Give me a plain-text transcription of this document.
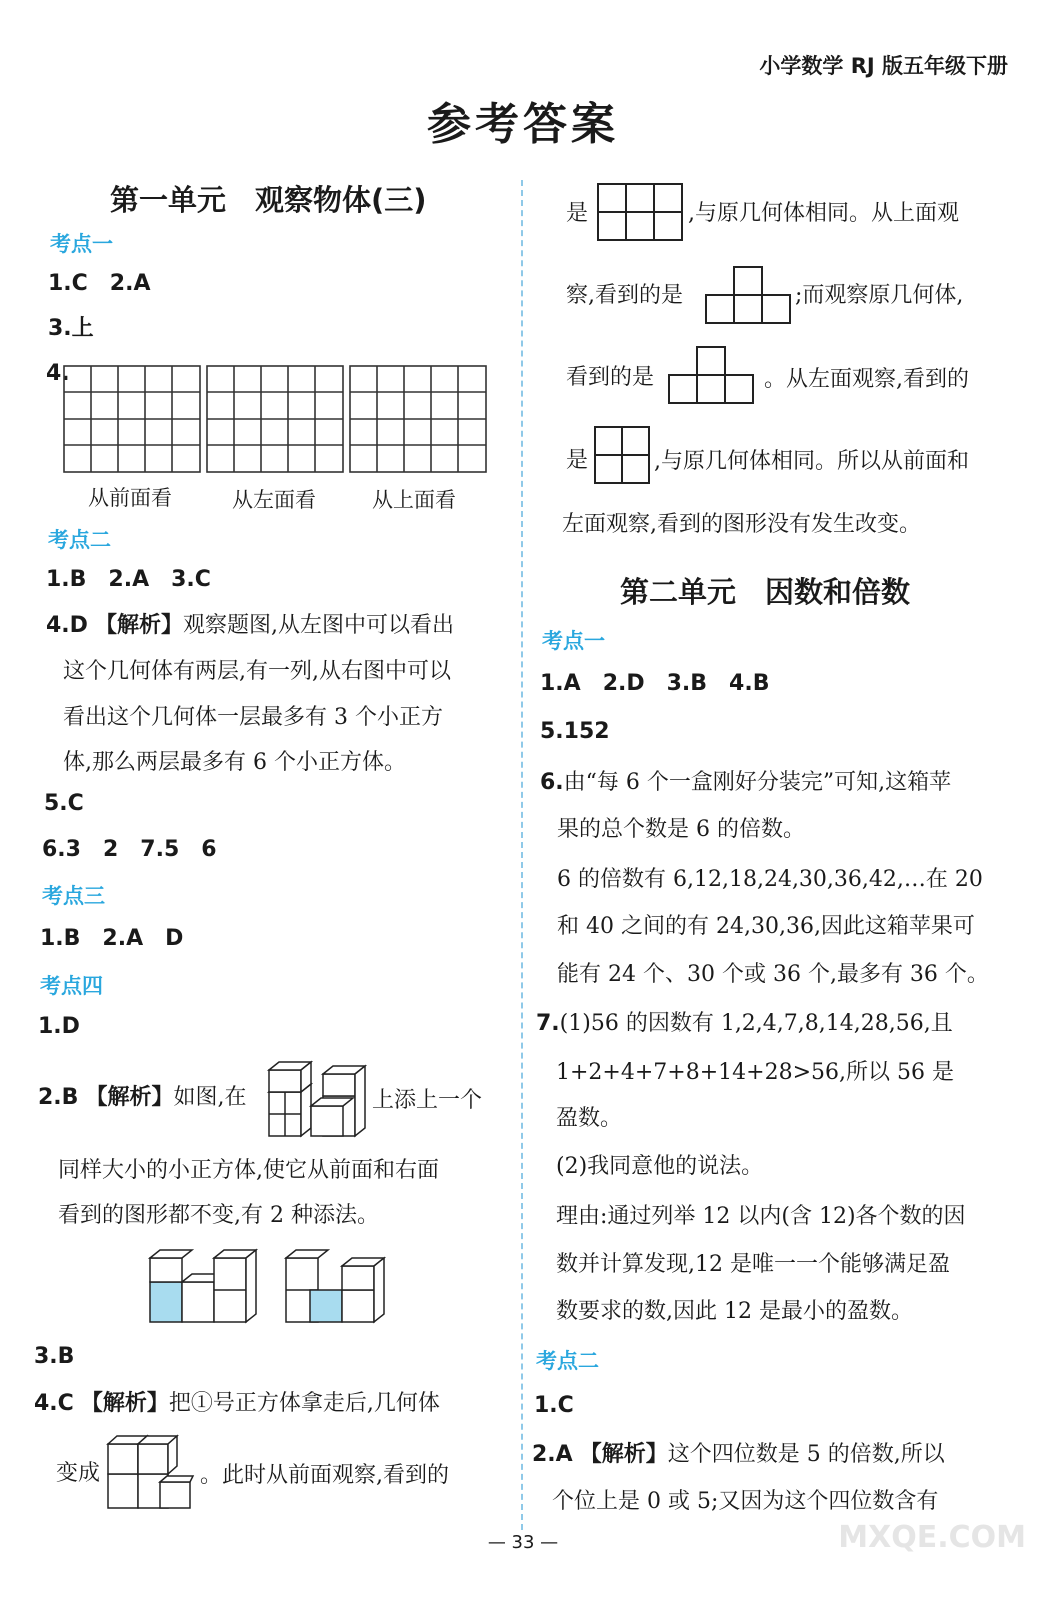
小学数学 RJ 版五年级下册
参考答案
第一单元　观察物体(三)
考点一
1.C　2.A
3.上
4.
从前面看	从左面看	从上面看
考点二
1.B　2.A　3.C
4.D 【解析】观察题图,从左图中可以看出
这个几何体有两层,有一列,从右图中可以
看出这个几何体一层最多有 3 个小正方
体,那么两层最多有 6 个小正方体。
5.C
6.3　2　7.5　6
考点三
1.B　2.A　D
考点四
1.D
2.B 【解析】如图,在	上添上一个
同样大小的小正方体,使它从前面和右面
看到的图形都不变,有 2 种添法。
3.B
4.C 【解析】把①号正方体拿走后,几何体
变成	。此时从前面观察,看到的
是	,与原几何体相同。从上面观
察,看到的是	;而观察原几何体,
看到的是	。从左面观察,看到的
是	,与原几何体相同。所以从前面和
左面观察,看到的图形没有发生改变。
第二单元　因数和倍数
考点一
1.A　2.D　3.B　4.B
5.152
6.由“每 6 个一盒刚好分装完”可知,这箱苹
果的总个数是 6 的倍数。
6 的倍数有 6,12,18,24,30,36,42,…在 20
和 40 之间的有 24,30,36,因此这箱苹果可
能有 24 个、30 个或 36 个,最多有 36 个。
7.(1)56 的因数有 1,2,4,7,8,14,28,56,且
1+2+4+7+8+14+28>56,所以 56 是
盈数。
(2)我同意他的说法。
理由:通过列举 12 以内(含 12)各个数的因
数并计算发现,12 是唯一一个能够满足盈
数要求的数,因此 12 是最小的盈数。
考点二
1.C
2.A 【解析】这个四位数是 5 的倍数,所以
个位上是 0 或 5;又因为这个四位数含有
— 33 —	MXQE.COM
